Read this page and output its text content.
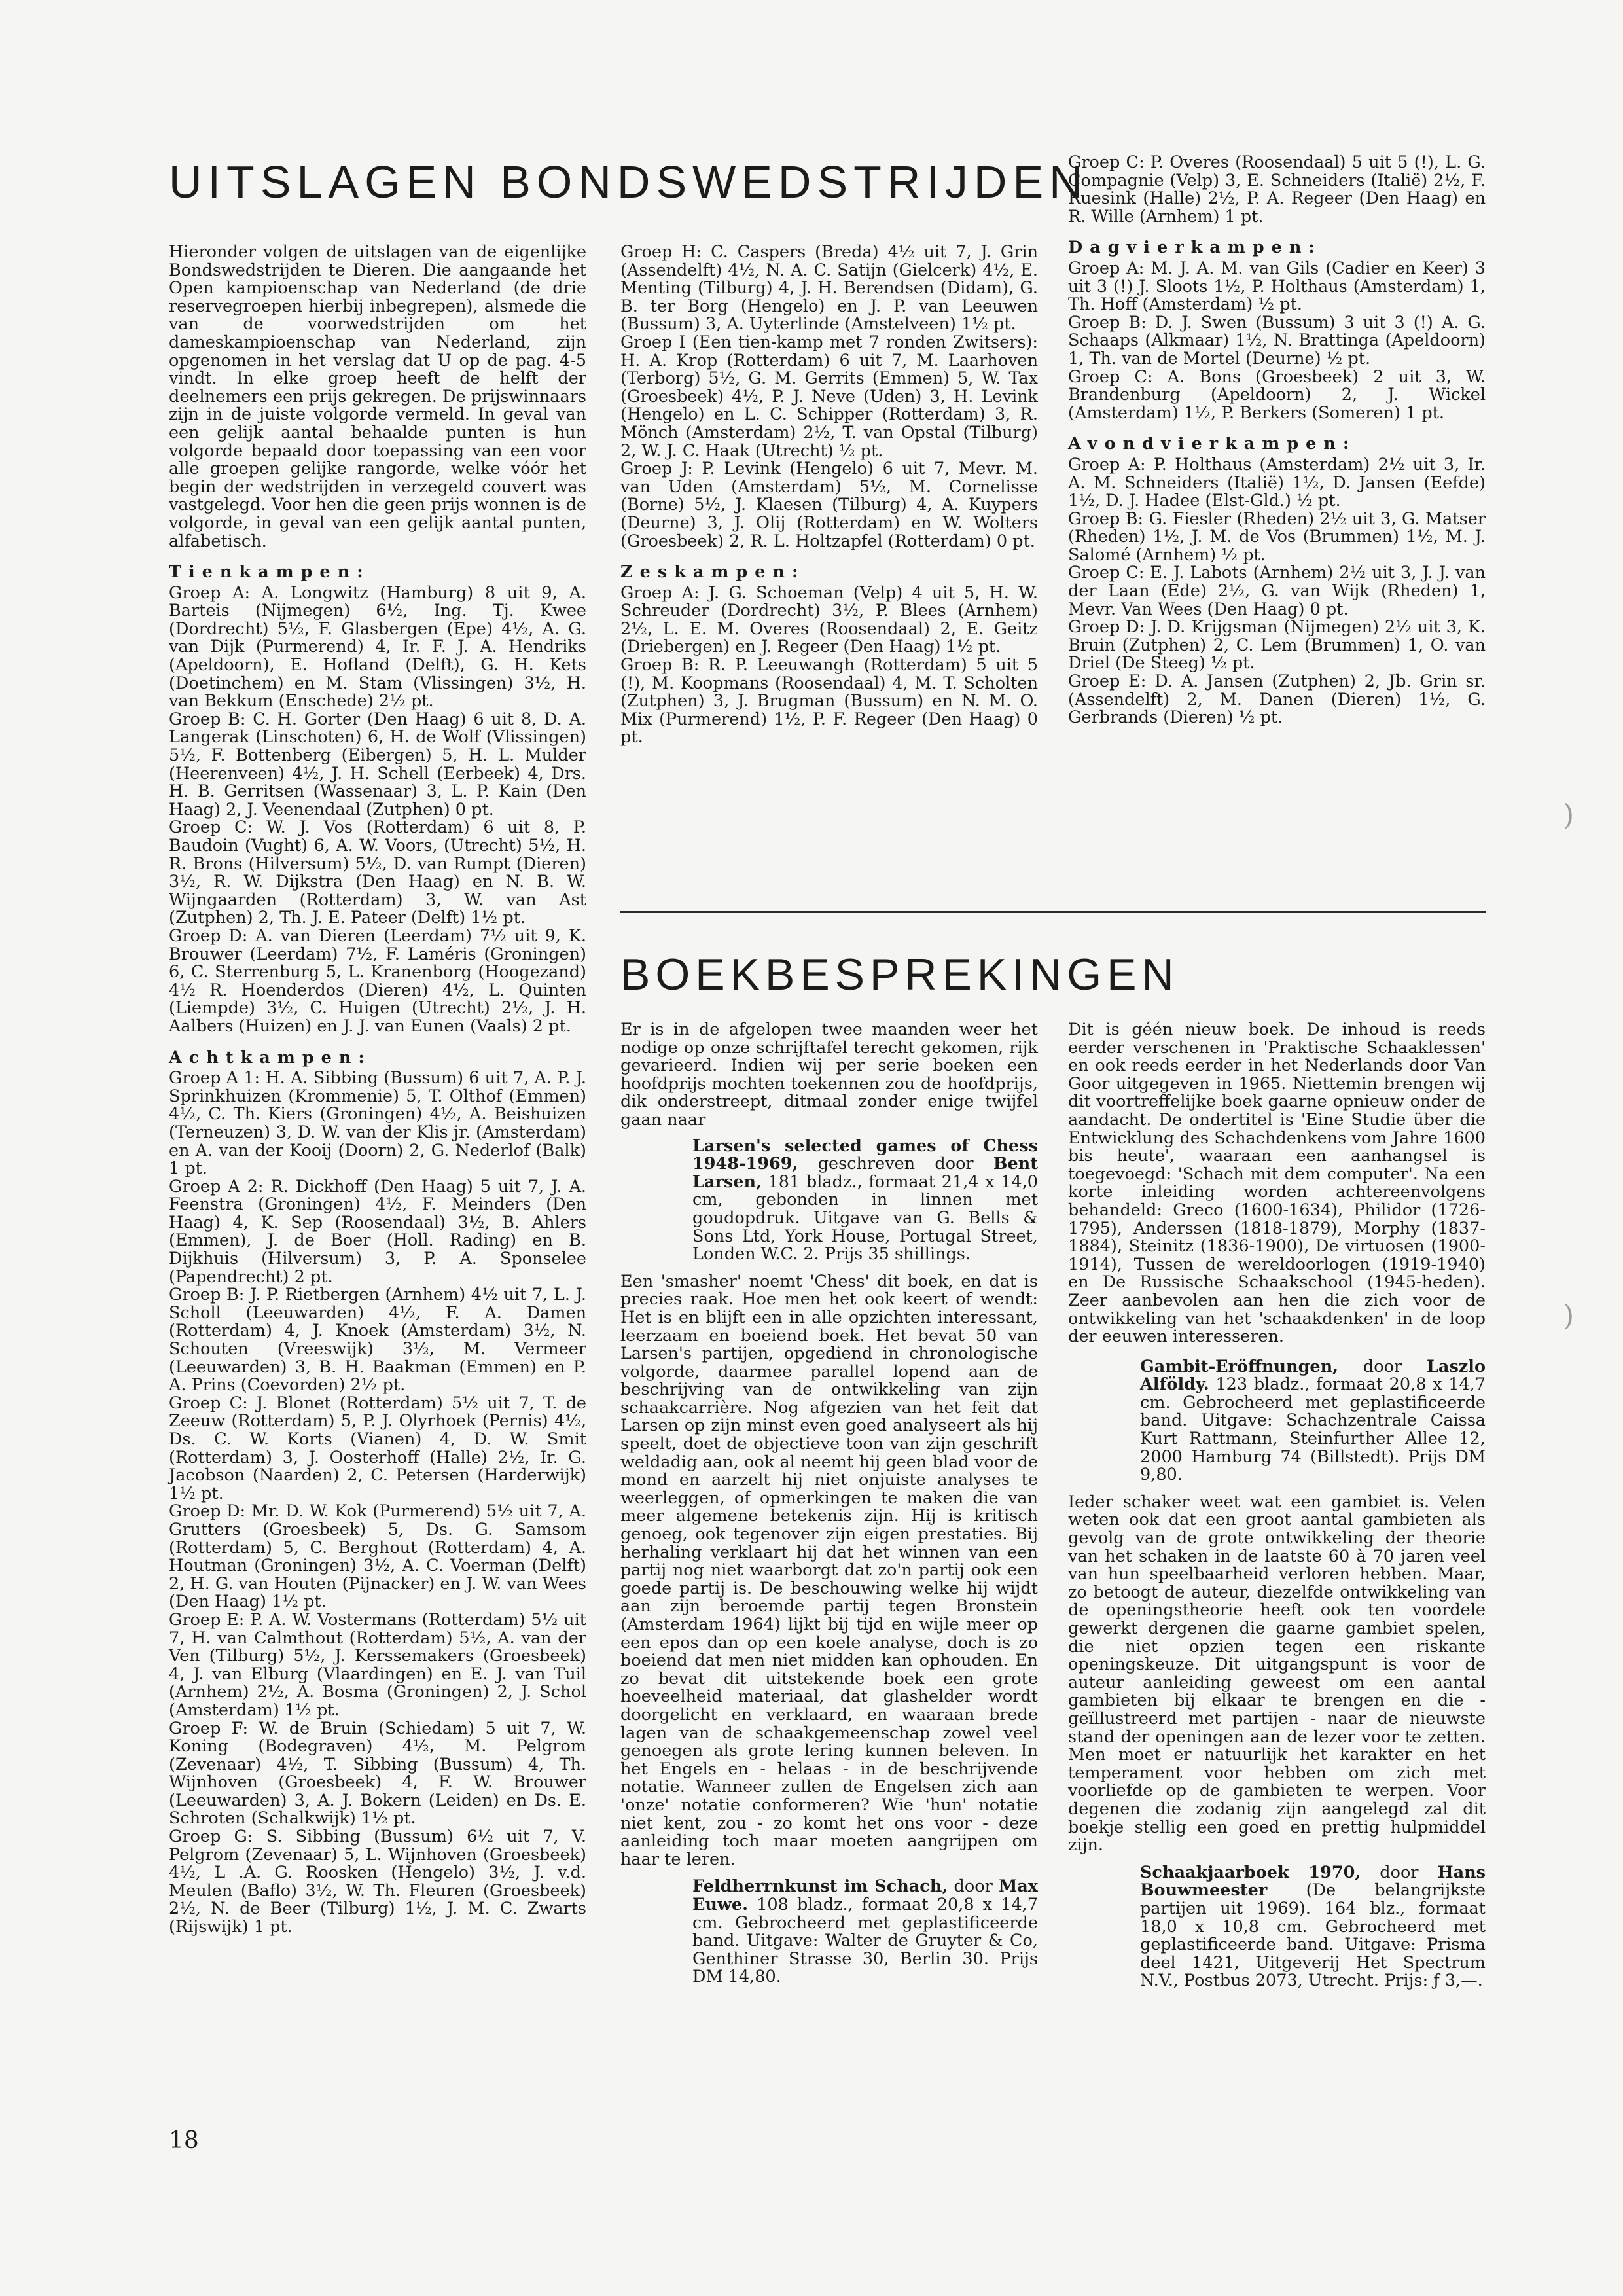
UITSLAGEN BONDSWEDSTRIJDEN

Hieronder volgen de uitslagen van de eigenlijke Bondswedstrijden te Dieren. Die aangaande het Open kampioenschap van Nederland (de drie reservegroepen hierbij inbegrepen), alsmede die van de voorwedstrijden om het dameskampioenschap van Nederland, zijn opgenomen in het verslag dat U op de pag. 4-5 vindt. In elke groep heeft de helft der deelnemers een prijs gekregen. De prijswinnaars zijn in de juiste volgorde vermeld. In geval van een gelijk aantal behaalde punten is hun volgorde bepaald door toepassing van een voor alle groepen gelijke rangorde, welke vóór het begin der wedstrijden in verzegeld couvert was vastgelegd. Voor hen die geen prijs wonnen is de volgorde, in geval van een gelijk aantal punten, alfabetisch.

Tienkampen:

Groep A: A. Longwitz (Hamburg) 8 uit 9, A. Barteis (Nijmegen) 6½, Ing. Tj. Kwee (Dordrecht) 5½, F. Glasbergen (Epe) 4½, A. G. van Dijk (Purmerend) 4, Ir. F. J. A. Hendriks (Apeldoorn), E. Hofland (Delft), G. H. Kets (Doetinchem) en M. Stam (Vlissingen) 3½, H. van Bekkum (Enschede) 2½ pt.

Groep B: C. H. Gorter (Den Haag) 6 uit 8, D. A. Langerak (Linschoten) 6, H. de Wolf (Vlissingen) 5½, F. Bottenberg (Eibergen) 5, H. L. Mulder (Heerenveen) 4½, J. H. Schell (Eerbeek) 4, Drs. H. B. Gerritsen (Wassenaar) 3, L. P. Kain (Den Haag) 2, J. Veenendaal (Zutphen) 0 pt.

Groep C: W. J. Vos (Rotterdam) 6 uit 8, P. Baudoin (Vught) 6, A. W. Voors, (Utrecht) 5½, H. R. Brons (Hilversum) 5½, D. van Rumpt (Dieren) 3½, R. W. Dijkstra (Den Haag) en N. B. W. Wijngaarden (Rotterdam) 3, W. van Ast (Zutphen) 2, Th. J. E. Pateer (Delft) 1½ pt.

Groep D: A. van Dieren (Leerdam) 7½ uit 9, K. Brouwer (Leerdam) 7½, F. Laméris (Groningen) 6, C. Sterrenburg 5, L. Kranenborg (Hoogezand) 4½ R. Hoenderdos (Dieren) 4½, L. Quinten (Liempde) 3½, C. Huigen (Utrecht) 2½, J. H. Aalbers (Huizen) en J. J. van Eunen (Vaals) 2 pt.

Achtkampen:

Groep A 1: H. A. Sibbing (Bussum) 6 uit 7, A. P. J. Sprinkhuizen (Krommenie) 5, T. Olthof (Emmen) 4½, C. Th. Kiers (Groningen) 4½, A. Beishuizen (Terneuzen) 3, D. W. van der Klis jr. (Amsterdam) en A. van der Kooij (Doorn) 2, G. Nederlof (Balk) 1 pt.

Groep A 2: R. Dickhoff (Den Haag) 5 uit 7, J. A. Feenstra (Groningen) 4½, F. Meinders (Den Haag) 4, K. Sep (Roosendaal) 3½, B. Ahlers (Emmen), J. de Boer (Holl. Rading) en B. Dijkhuis (Hilversum) 3, P. A. Sponselee (Papendrecht) 2 pt.

Groep B: J. P. Rietbergen (Arnhem) 4½ uit 7, L. J. Scholl (Leeuwarden) 4½, F. A. Damen (Rotterdam) 4, J. Knoek (Amsterdam) 3½, N. Schouten (Vreeswijk) 3½, M. Vermeer (Leeuwarden) 3, B. H. Baakman (Emmen) en P. A. Prins (Coevorden) 2½ pt.

Groep C: J. Blonet (Rotterdam) 5½ uit 7, T. de Zeeuw (Rotterdam) 5, P. J. Olyrhoek (Pernis) 4½, Ds. C. W. Korts (Vianen) 4, D. W. Smit (Rotterdam) 3, J. Oosterhoff (Halle) 2½, Ir. G. Jacobson (Naarden) 2, C. Petersen (Harderwijk) 1½ pt.

Groep D: Mr. D. W. Kok (Purmerend) 5½ uit 7, A. Grutters (Groesbeek) 5, Ds. G. Samsom (Rotterdam) 5, C. Berghout (Rotterdam) 4, A. Houtman (Groningen) 3½, A. C. Voerman (Delft) 2, H. G. van Houten (Pijnacker) en J. W. van Wees (Den Haag) 1½ pt.

Groep E: P. A. W. Vostermans (Rotterdam) 5½ uit 7, H. van Calmthout (Rotterdam) 5½, A. van der Ven (Tilburg) 5½, J. Kerssemakers (Groesbeek) 4, J. van Elburg (Vlaardingen) en E. J. van Tuil (Arnhem) 2½, A. Bosma (Groningen) 2, J. Schol (Amsterdam) 1½ pt.

Groep F: W. de Bruin (Schiedam) 5 uit 7, W. Koning (Bodegraven) 4½, M. Pelgrom (Zevenaar) 4½, T. Sibbing (Bussum) 4, Th. Wijnhoven (Groesbeek) 4, F. W. Brouwer (Leeuwarden) 3, A. J. Bokern (Leiden) en Ds. E. Schroten (Schalkwijk) 1½ pt.

Groep G: S. Sibbing (Bussum) 6½ uit 7, V. Pelgrom (Zevenaar) 5, L. Wijnhoven (Groesbeek) 4½, L .A. G. Roosken (Hengelo) 3½, J. v.d. Meulen (Baflo) 3½, W. Th. Fleuren (Groesbeek) 2½, N. de Beer (Tilburg) 1½, J. M. C. Zwarts (Rijswijk) 1 pt.

Groep H: C. Caspers (Breda) 4½ uit 7, J. Grin (Assendelft) 4½, N. A. C. Satijn (Gielcerk) 4½, E. Menting (Tilburg) 4, J. H. Berendsen (Didam), G. B. ter Borg (Hengelo) en J. P. van Leeuwen (Bussum) 3, A. Uyterlinde (Amstelveen) 1½ pt.

Groep I (Een tien-kamp met 7 ronden Zwitsers): H. A. Krop (Rotterdam) 6 uit 7, M. Laarhoven (Terborg) 5½, G. M. Gerrits (Emmen) 5, W. Tax (Groesbeek) 4½, P. J. Neve (Uden) 3, H. Levink (Hengelo) en L. C. Schipper (Rotterdam) 3, R. Mönch (Amsterdam) 2½, T. van Opstal (Tilburg) 2, W. J. C. Haak (Utrecht) ½ pt.

Groep J: P. Levink (Hengelo) 6 uit 7, Mevr. M. van Uden (Amsterdam) 5½, M. Cornelisse (Borne) 5½, J. Klaesen (Tilburg) 4, A. Kuypers (Deurne) 3, J. Olij (Rotterdam) en W. Wolters (Groesbeek) 2, R. L. Holtzapfel (Rotterdam) 0 pt.

Zeskampen:

Groep A: J. G. Schoeman (Velp) 4 uit 5, H. W. Schreuder (Dordrecht) 3½, P. Blees (Arnhem) 2½, L. E. M. Overes (Roosendaal) 2, E. Geitz (Driebergen) en J. Regeer (Den Haag) 1½ pt.

Groep B: R. P. Leeuwangh (Rotterdam) 5 uit 5 (!), M. Koopmans (Roosendaal) 4, M. T. Scholten (Zutphen) 3, J. Brugman (Bussum) en N. M. O. Mix (Purmerend) 1½, P. F. Regeer (Den Haag) 0 pt.

Groep C: P. Overes (Roosendaal) 5 uit 5 (!), L. G. Compagnie (Velp) 3, E. Schneiders (Italië) 2½, F. Ruesink (Halle) 2½, P. A. Regeer (Den Haag) en R. Wille (Arnhem) 1 pt.

Dagvierkampen:

Groep A: M. J. A. M. van Gils (Cadier en Keer) 3 uit 3 (!) J. Sloots 1½, P. Holthaus (Amsterdam) 1, Th. Hoff (Amsterdam) ½ pt.

Groep B: D. J. Swen (Bussum) 3 uit 3 (!) A. G. Schaaps (Alkmaar) 1½, N. Brattinga (Apeldoorn) 1, Th. van de Mortel (Deurne) ½ pt.

Groep C: A. Bons (Groesbeek) 2 uit 3, W. Brandenburg (Apeldoorn) 2, J. Wickel (Amsterdam) 1½, P. Berkers (Someren) 1 pt.

Avondvierkampen:

Groep A: P. Holthaus (Amsterdam) 2½ uit 3, Ir. A. M. Schneiders (Italië) 1½, D. Jansen (Eefde) 1½, D. J. Hadee (Elst-Gld.) ½ pt.

Groep B: G. Fiesler (Rheden) 2½ uit 3, G. Matser (Rheden) 1½, J. M. de Vos (Brummen) 1½, M. J. Salomé (Arnhem) ½ pt.

Groep C: E. J. Labots (Arnhem) 2½ uit 3, J. J. van der Laan (Ede) 2½, G. van Wijk (Rheden) 1, Mevr. Van Wees (Den Haag) 0 pt.

Groep D: J. D. Krijgsman (Nijmegen) 2½ uit 3, K. Bruin (Zutphen) 2, C. Lem (Brummen) 1, O. van Driel (De Steeg) ½ pt.

Groep E: D. A. Jansen (Zutphen) 2, Jb. Grin sr. (Assendelft) 2, M. Danen (Dieren) 1½, G. Gerbrands (Dieren) ½ pt.

BOEKBESPREKINGEN

Er is in de afgelopen twee maanden weer het nodige op onze schrijftafel terecht gekomen, rijk gevarieerd. Indien wij per serie boeken een hoofdprijs mochten toekennen zou de hoofdprijs, dik onderstreept, ditmaal zonder enige twijfel gaan naar

Larsen's selected games of Chess 1948-1969, geschreven door Bent Larsen, 181 bladz., formaat 21,4 x 14,0 cm, gebonden in linnen met goudopdruk. Uitgave van G. Bells & Sons Ltd, York House, Portugal Street, Londen W.C. 2. Prijs 35 shillings.

Een 'smasher' noemt 'Chess' dit boek, en dat is precies raak. Hoe men het ook keert of wendt: Het is en blijft een in alle opzichten interessant, leerzaam en boeiend boek. Het bevat 50 van Larsen's partijen, opgediend in chronologische volgorde, daarmee parallel lopend aan de beschrijving van de ontwikkeling van zijn schaakcarrière. Nog afgezien van het feit dat Larsen op zijn minst even goed analyseert als hij speelt, doet de objectieve toon van zijn geschrift weldadig aan, ook al neemt hij geen blad voor de mond en aarzelt hij niet onjuiste analyses te weerleggen, of opmerkingen te maken die van meer algemene betekenis zijn. Hij is kritisch genoeg, ook tegenover zijn eigen prestaties. Bij herhaling verklaart hij dat het winnen van een partij nog niet waarborgt dat zo'n partij ook een goede partij is. De beschouwing welke hij wijdt aan zijn beroemde partij tegen Bronstein (Amsterdam 1964) lijkt bij tijd en wijle meer op een epos dan op een koele analyse, doch is zo boeiend dat men niet midden kan ophouden. En zo bevat dit uitstekende boek een grote hoeveelheid materiaal, dat glashelder wordt doorgelicht en verklaard, en waaraan brede lagen van de schaakgemeenschap zowel veel genoegen als grote lering kunnen beleven. In het Engels en - helaas - in de beschrijvende notatie. Wanneer zullen de Engelsen zich aan 'onze' notatie conformeren? Wie 'hun' notatie niet kent, zou - zo komt het ons voor - deze aanleiding toch maar moeten aangrijpen om haar te leren.

Feldherrnkunst im Schach, door Max Euwe. 108 bladz., formaat 20,8 x 14,7 cm. Gebrocheerd met geplastificeerde band. Uitgave: Walter de Gruyter & Co, Genthiner Strasse 30, Berlin 30. Prijs DM 14,80.

Dit is géén nieuw boek. De inhoud is reeds eerder verschenen in 'Praktische Schaaklessen' en ook reeds eerder in het Nederlands door Van Goor uitgegeven in 1965. Niettemin brengen wij dit voortreffelijke boek gaarne opnieuw onder de aandacht. De ondertitel is 'Eine Studie über die Entwicklung des Schachdenkens vom Jahre 1600 bis heute', waaraan een aanhangsel is toegevoegd: 'Schach mit dem computer'. Na een korte inleiding worden achtereenvolgens behandeld: Greco (1600-1634), Philidor (1726-1795), Anderssen (1818-1879), Morphy (1837-1884), Steinitz (1836-1900), De virtuosen (1900-1914), Tussen de wereldoorlogen (1919-1940) en De Russische Schaakschool (1945-heden). Zeer aanbevolen aan hen die zich voor de ontwikkeling van het 'schaakdenken' in de loop der eeuwen interesseren.

Gambit-Eröffnungen, door Laszlo Alföldy. 123 bladz., formaat 20,8 x 14,7 cm. Gebrocheerd met geplastificeerde band. Uitgave: Schachzentrale Caissa Kurt Rattmann, Steinfurther Allee 12, 2000 Hamburg 74 (Billstedt). Prijs DM 9,80.

Ieder schaker weet wat een gambiet is. Velen weten ook dat een groot aantal gambieten als gevolg van de grote ontwikkeling der theorie van het schaken in de laatste 60 à 70 jaren veel van hun speelbaarheid verloren hebben. Maar, zo betoogt de auteur, diezelfde ontwikkeling van de openingstheorie heeft ook ten voordele gewerkt dergenen die gaarne gambiet spelen, die niet opzien tegen een riskante openingskeuze. Dit uitgangspunt is voor de auteur aanleiding geweest om een aantal gambieten bij elkaar te brengen en die - geïllustreerd met partijen - naar de nieuwste stand der openingen aan de lezer voor te zetten. Men moet er natuurlijk het karakter en het temperament voor hebben om zich met voorliefde op de gambieten te werpen. Voor degenen die zodanig zijn aangelegd zal dit boekje stellig een goed en prettig hulpmiddel zijn.

Schaakjaarboek 1970, door Hans Bouwmeester (De belangrijkste partijen uit 1969). 164 blz., formaat 18,0 x 10,8 cm. Gebrocheerd met geplastificeerde band. Uitgave: Prisma deel 1421, Uitgeverij Het Spectrum N.V., Postbus 2073, Utrecht. Prijs: ƒ 3,—.

18

)
)
